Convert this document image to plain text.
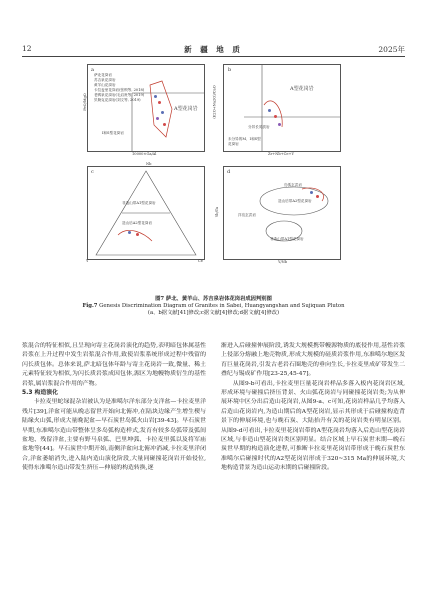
12	新 疆 地 质	2025年
a
A型花岗岩
I和S型花岗岩
萨北花岗岩
苏吉泉花岗岩
黄羊山花岗岩
卡拉麦里花岗岩(张锁等, 2018)
老鸭泉花岗岩(毛启贵等, 2019)
贝勒克花岗岩(刘文等, 2019)
FeO/MgO
10000×Ga/Al
b
A型花岗岩
分异长英质岩
未分异的M、I和S型花岗岩
(K2O+Na2O)/CaO
Zr+Nb+Ce+Y
c
非造山带A1型花岗岩
造山后A2型花岗岩
Nb
Y	Ce
d
岛弧玄武岩
造山后带A2型花岗岩
非造山带A1型花岗岩
洋岛玄武岩
Yb/Ta
Y/Nb
图7 萨北、黄羊山、苏吉泉岩体花岗岩成因判别图
Fig.7 Genesis Discrimination Diagram of Granites in Sabei, Huangyangshan and Sujiquan Pluton
(a、b据文献[41]修改;c据文献[4]修改;d据文献[4]修改)

浆混合的特征相似,且呈现向寄主花岗岩演化的趋势,表明暗包体属基性岩浆在上升过程中发生岩浆混合作用,致使岩浆系统形成过程中残留的闪长质包体。总体来说,萨北暗包体年龄与寄主花岗岩一致,微量、稀土元素特征较为相似,为闪长质岩浆成因包体,源区为地幔物质衍生的基性岩浆,属岩浆混合作用的产物。

5.3 构造演化

卡拉麦里蛇绿混杂岩被认为是准噶尔洋东部分支洋盆—卡拉麦里洋残片[39],洋盆可能从晚志留世开始向北俯冲,在陆块边缘产生增生楔与陆缘火山弧,形成大量晚泥盆—早石炭世岛弧火山岩[39-43]。早石炭世早期,东准噶尔造山带整体呈多岛弧构造样式,发育有较多岛弧带及弧间盆地、残留洋盆,主要有野马泉弧、巴里坤弧、卡拉麦里弧以及将军庙盆地等[44]。早石炭世中期开始,南侧洋盆向北俯冲消减,卡拉麦里洋闭合,洋盆萎缩消失,进入陆内造山演化阶段,大量同碰撞花岗岩开始侵位,使得东准噶尔造山带发生挤压—伸展的构造转换,逐

渐进入后碰撞伸展阶段,诱发大规模携带幔源物质的底侵作用,基性岩浆上侵部分熔融上地壳物质,形成大规模的硅质岩浆作用,东准噶尔地区发育巨量花岗岩,引发古老岩石圈地壳的垂向生长,卡拉麦里成矿带发生二叠纪与锡成矿作用[23-25,45-47]。

从图9-b可看出,卡拉麦里巨量花岗岩样品多落入板内花岗岩区域,形成环境与碰撞后挤压背景、火山弧花岗岩与同碰撞花岗岩类;为从伸展环境中区分出后造山花岗岩,从图9-a、c可知,花岗岩样品几乎均落入后造山花岗岩内,为造山期后的A型花岗岩,显示其形成于后碰撞构造背景下的伸展环境,也与晚石炭、大陆抬升有关的花岗岩类有明显区别。从图9-d可看出,卡拉麦里花岗岩带的A型花岗岩均落入后造山型花岗岩区域,与非造山型花岗岩类区别明显。结合区域上早石炭世末期—晚石炭世早期的构造演化进程,可推断卡拉麦里花岗岩带形成于晚石炭世东准噶尔后碰撞时代的A2型花岗岩形成于320~315 Ma的伸展环境,大地构造背景为造山运动末期的后碰撞阶段。
